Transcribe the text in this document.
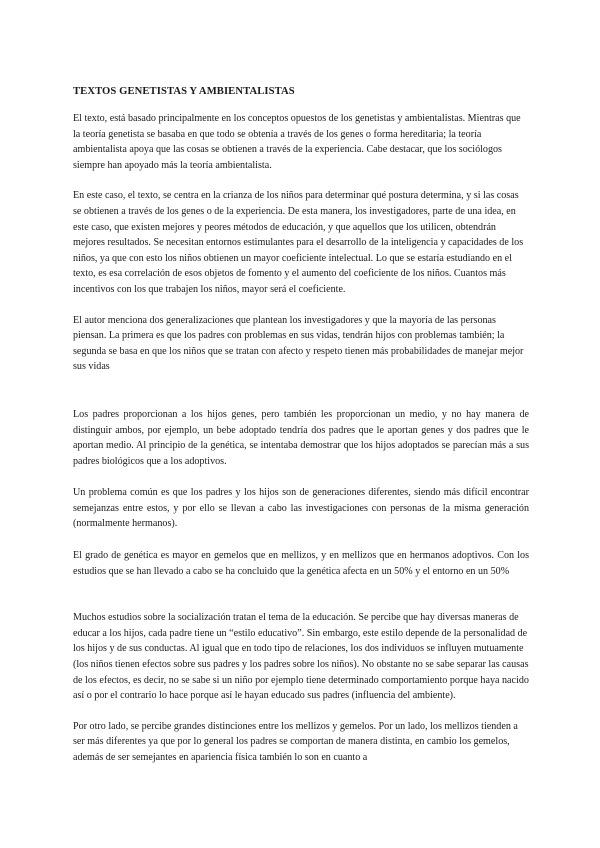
TEXTOS GENETISTAS Y AMBIENTALISTAS

El texto, está basado principalmente en los conceptos opuestos de los genetistas y ambientalistas. Mientras que la teoría genetista se basaba en que todo se obtenía a través de los genes o forma hereditaria; la teoría ambientalista apoya que las cosas se obtienen a través de la experiencia. Cabe destacar, que los sociólogos siempre han apoyado más la teoría ambientalista.

En este caso, el texto, se centra en la crianza de los niños para determinar qué postura determina, y si las cosas se obtienen a través de los genes o de la experiencia. De esta manera, los investigadores, parte de una idea, en este caso, que existen mejores y peores métodos de educación, y que aquellos que los utilicen, obtendrán mejores resultados. Se necesitan entornos estimulantes para el desarrollo de la inteligencia y capacidades de los niños, ya que con esto los niños obtienen un mayor coeficiente intelectual. Lo que se estaría estudiando en el texto, es esa correlación de esos objetos de fomento y el aumento del coeficiente de los niños. Cuantos más incentivos con los que trabajen los niños, mayor será el coeficiente.

El autor menciona dos generalizaciones que plantean los investigadores y que la mayoría de las personas piensan. La primera es que los padres con problemas en sus vidas, tendrán hijos con problemas también; la segunda se basa en que los niños que se tratan con afecto y respeto tienen más probabilidades de manejar mejor sus vidas

Los padres proporcionan a los hijos genes, pero también les proporcionan un medio, y no hay manera de distinguir ambos, por ejemplo, un bebe adoptado tendría dos padres que le aportan genes y dos padres que le aportan medio. Al principio de la genética, se intentaba demostrar que los hijos adoptados se parecían más a sus padres biológicos que a los adoptivos.

Un problema común es que los padres y los hijos son de generaciones diferentes, siendo más difícil encontrar semejanzas entre estos, y por ello se llevan a cabo las investigaciones con personas de la misma generación (normalmente hermanos).

El grado de genética es mayor en gemelos que en mellizos, y en mellizos que en hermanos adoptivos. Con los estudios que se han llevado a cabo se ha concluido que la genética afecta en un 50% y el entorno en un 50%

Muchos estudios sobre la socialización tratan el tema de la educación. Se percibe que hay diversas maneras de educar a los hijos, cada padre tiene un “estilo educativo”. Sin embargo, este estilo depende de la personalidad de los hijos y de sus conductas. Al igual que en todo tipo de relaciones, los dos individuos se influyen mutuamente (los niños tienen efectos sobre sus padres y los padres sobre los niños). No obstante no se sabe separar las causas de los efectos, es decir, no se sabe si un niño por ejemplo tiene determinado comportamiento porque haya nacido así o por el contrario lo hace porque así le hayan educado sus padres (influencia del ambiente).

Por otro lado, se percibe grandes distinciones entre los mellizos y gemelos. Por un lado, los mellizos tienden a ser más diferentes ya que por lo general los padres se comportan de manera distinta, en cambio los gemelos, además de ser semejantes en apariencia física también lo son en cuanto a
